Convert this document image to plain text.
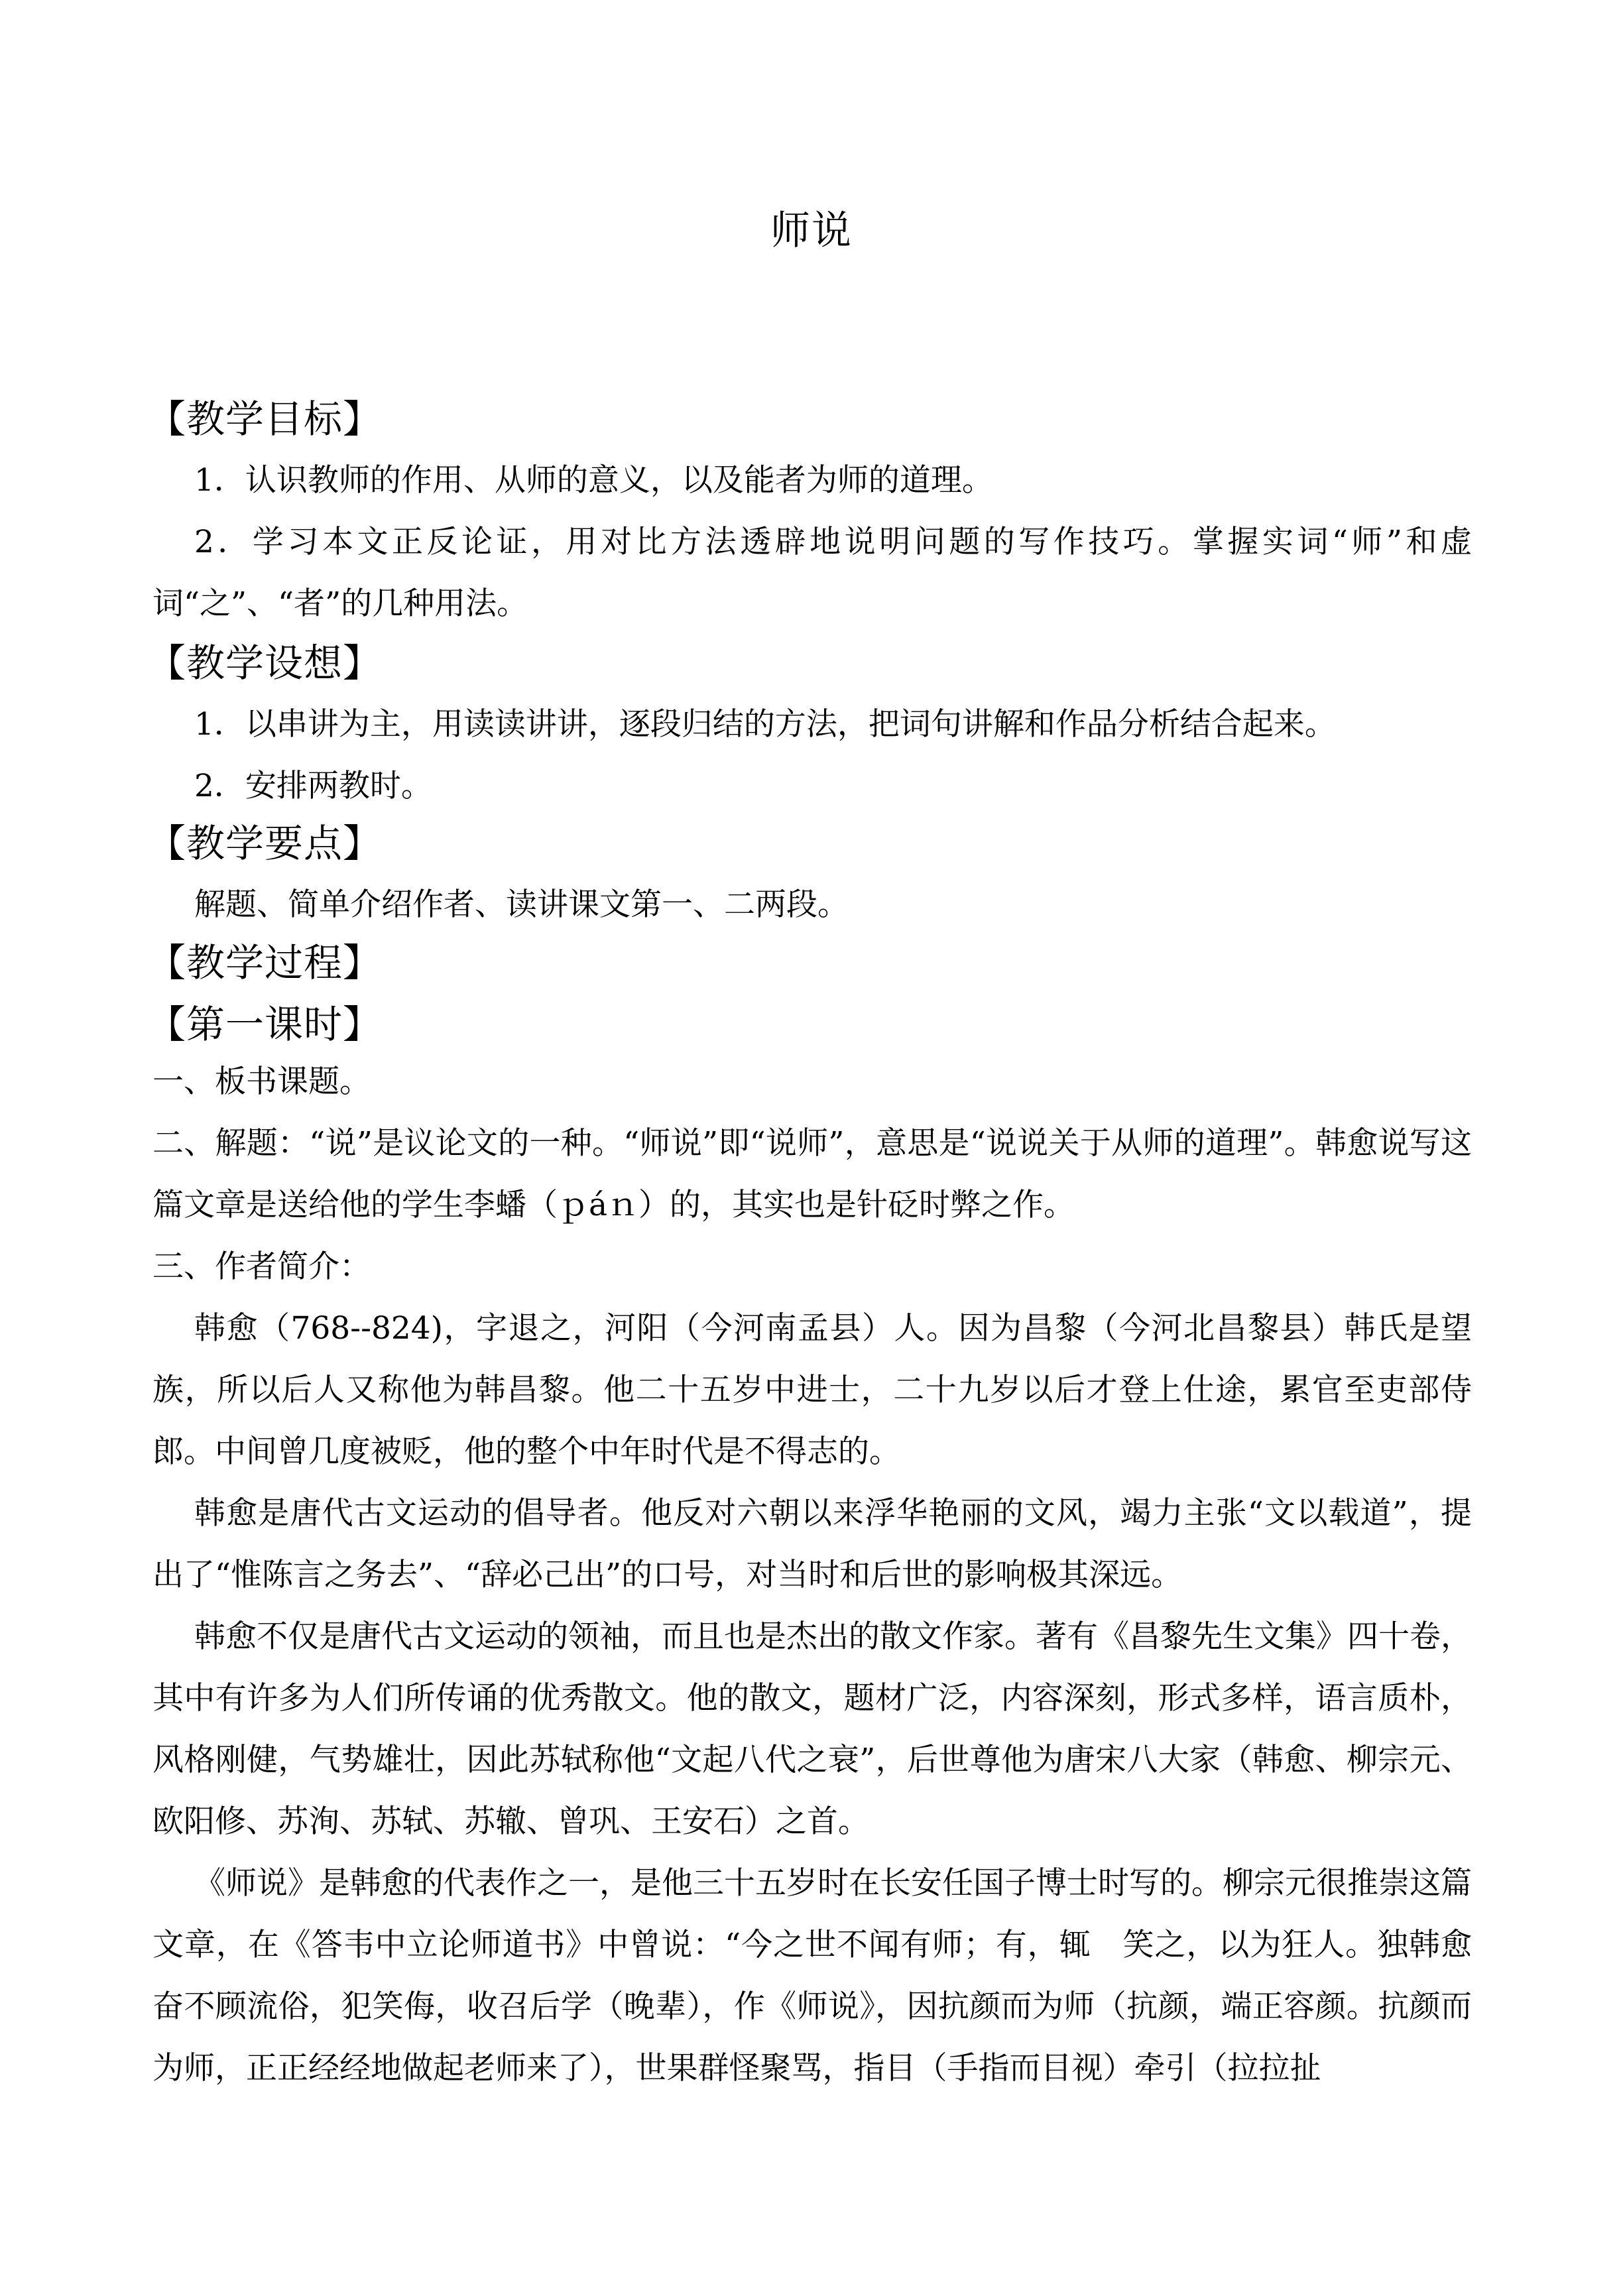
师说
【教学目标】
1．认识教师的作用、从师的意义，以及能者为师的道理。
2．学习本文正反论证，用对比方法透辟地说明问题的写作技巧。掌握实词“师”和虚词“之”、“者”的几种用法。
【教学设想】
1．以串讲为主，用读读讲讲，逐段归结的方法，把词句讲解和作品分析结合起来。
2．安排两教时。
【教学要点】
解题、简单介绍作者、读讲课文第一、二两段。
【教学过程】
【第一课时】
一、板书课题。
二、解题：“说”是议论文的一种。“师说”即“说师”，意思是“说说关于从师的道理”。韩愈说写这篇文章是送给他的学生李蟠（ｐáｎ）的，其实也是针砭时弊之作。
三、作者简介：
韩愈（768--824)，字退之，河阳（今河南孟县）人。因为昌黎（今河北昌黎县）韩氏是望族，所以后人又称他为韩昌黎。他二十五岁中进士，二十九岁以后才登上仕途，累官至吏部侍郎。中间曾几度被贬，他的整个中年时代是不得志的。
韩愈是唐代古文运动的倡导者。他反对六朝以来浮华艳丽的文风，竭力主张“文以载道”，提出了“惟陈言之务去”、“辞必己出”的口号，对当时和后世的影响极其深远。
韩愈不仅是唐代古文运动的领袖，而且也是杰出的散文作家。著有《昌黎先生文集》四十卷，其中有许多为人们所传诵的优秀散文。他的散文，题材广泛，内容深刻，形式多样，语言质朴，风格刚健，气势雄壮，因此苏轼称他“文起八代之衰”，后世尊他为唐宋八大家（韩愈、柳宗元、欧阳修、苏洵、苏轼、苏辙、曾巩、王安石）之首。
《师说》是韩愈的代表作之一，是他三十五岁时在长安任国子博士时写的。柳宗元很推崇这篇文章，在《答韦中立论师道书》中曾说：“今之世不闻有师；有，辄　笑之，以为狂人。独韩愈奋不顾流俗，犯笑侮，收召后学（晚辈），作《师说》，因抗颜而为师（抗颜，端正容颜。抗颜而为师，正正经经地做起老师来了），世果群怪聚骂，指目（手指而目视）牵引（拉拉扯
